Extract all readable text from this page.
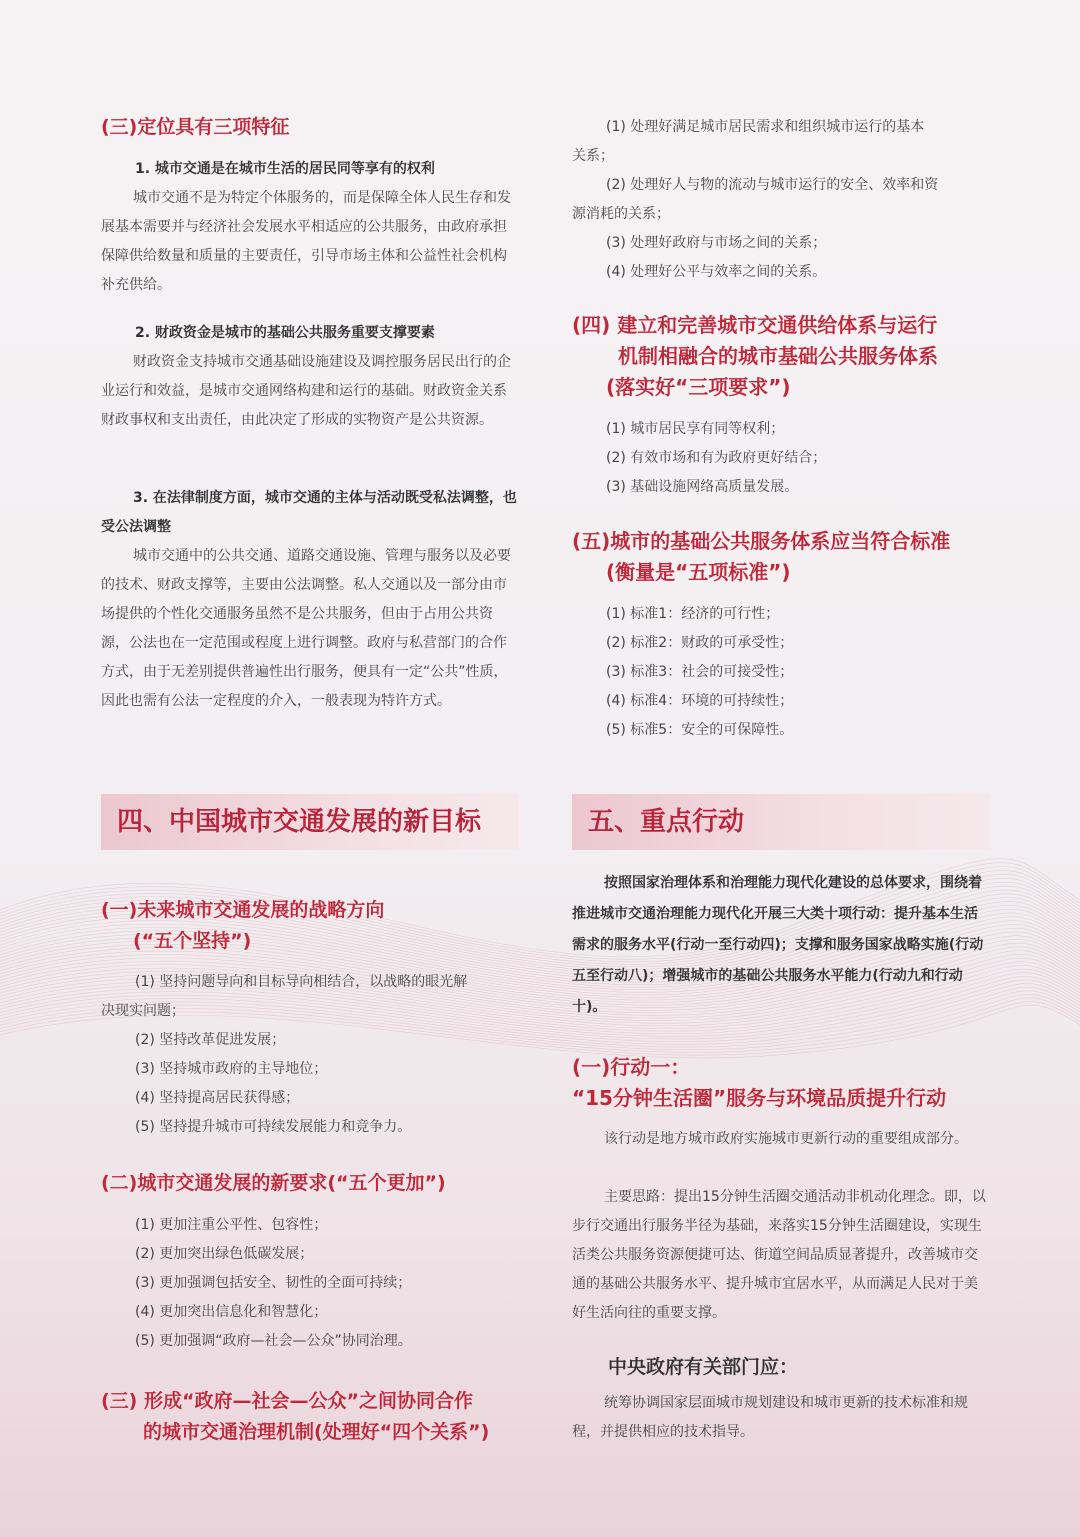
(三)定位具有三项特征
1. 城市交通是在城市生活的居民同等享有的权利
城市交通不是为特定个体服务的，而是保障全体人民生存和发展基本需要并与经济社会发展水平相适应的公共服务，由政府承担保障供给数量和质量的主要责任，引导市场主体和公益性社会机构补充供给。
2. 财政资金是城市的基础公共服务重要支撑要素
财政资金支持城市交通基础设施建设及调控服务居民出行的企业运行和效益，是城市交通网络构建和运行的基础。财政资金关系财政事权和支出责任，由此决定了形成的实物资产是公共资源。
3. 在法律制度方面，城市交通的主体与活动既受私法调整，也受公法调整
城市交通中的公共交通、道路交通设施、管理与服务以及必要的技术、财政支撑等，主要由公法调整。私人交通以及一部分由市场提供的个性化交通服务虽然不是公共服务，但由于占用公共资源，公法也在一定范围或程度上进行调整。政府与私营部门的合作方式，由于无差别提供普遍性出行服务，便具有一定“公共”性质，因此也需有公法一定程度的介入，一般表现为特许方式。
四、中国城市交通发展的新目标
(一)未来城市交通发展的战略方向
(“五个坚持”)
(1) 坚持问题导向和目标导向相结合，以战略的眼光解
决现实问题；
(2) 坚持改革促进发展；
(3) 坚持城市政府的主导地位；
(4) 坚持提高居民获得感；
(5) 坚持提升城市可持续发展能力和竞争力。
(二)城市交通发展的新要求(“五个更加”)
(1) 更加注重公平性、包容性；
(2) 更加突出绿色低碳发展；
(3) 更加强调包括安全、韧性的全面可持续；
(4) 更加突出信息化和智慧化；
(5) 更加强调“政府—社会—公众”协同治理。
(三) 形成“政府—社会—公众”之间协同合作
的城市交通治理机制(处理好“四个关系”)
(1) 处理好满足城市居民需求和组织城市运行的基本
关系；
(2) 处理好人与物的流动与城市运行的安全、效率和资
源消耗的关系；
(3) 处理好政府与市场之间的关系；
(4) 处理好公平与效率之间的关系。
(四) 建立和完善城市交通供给体系与运行
机制相融合的城市基础公共服务体系
(落实好“三项要求”)
(1) 城市居民享有同等权利；
(2) 有效市场和有为政府更好结合；
(3) 基础设施网络高质量发展。
(五)城市的基础公共服务体系应当符合标准
(衡量是“五项标准”)
(1) 标准1：经济的可行性；
(2) 标准2：财政的可承受性；
(3) 标准3：社会的可接受性；
(4) 标准4：环境的可持续性；
(5) 标准5：安全的可保障性。
五、重点行动
按照国家治理体系和治理能力现代化建设的总体要求，围绕着推进城市交通治理能力现代化开展三大类十项行动：提升基本生活需求的服务水平(行动一至行动四)；支撑和服务国家战略实施(行动五至行动八)；增强城市的基础公共服务水平能力(行动九和行动十)。
(一)行动一：
“15分钟生活圈”服务与环境品质提升行动
该行动是地方城市政府实施城市更新行动的重要组成部分。
主要思路：提出15分钟生活圈交通活动非机动化理念。即，以步行交通出行服务半径为基础，来落实15分钟生活圈建设，实现生活类公共服务资源便捷可达、街道空间品质显著提升，改善城市交通的基础公共服务水平、提升城市宜居水平，从而满足人民对于美好生活向往的重要支撑。
中央政府有关部门应：
统筹协调国家层面城市规划建设和城市更新的技术标准和规程，并提供相应的技术指导。
